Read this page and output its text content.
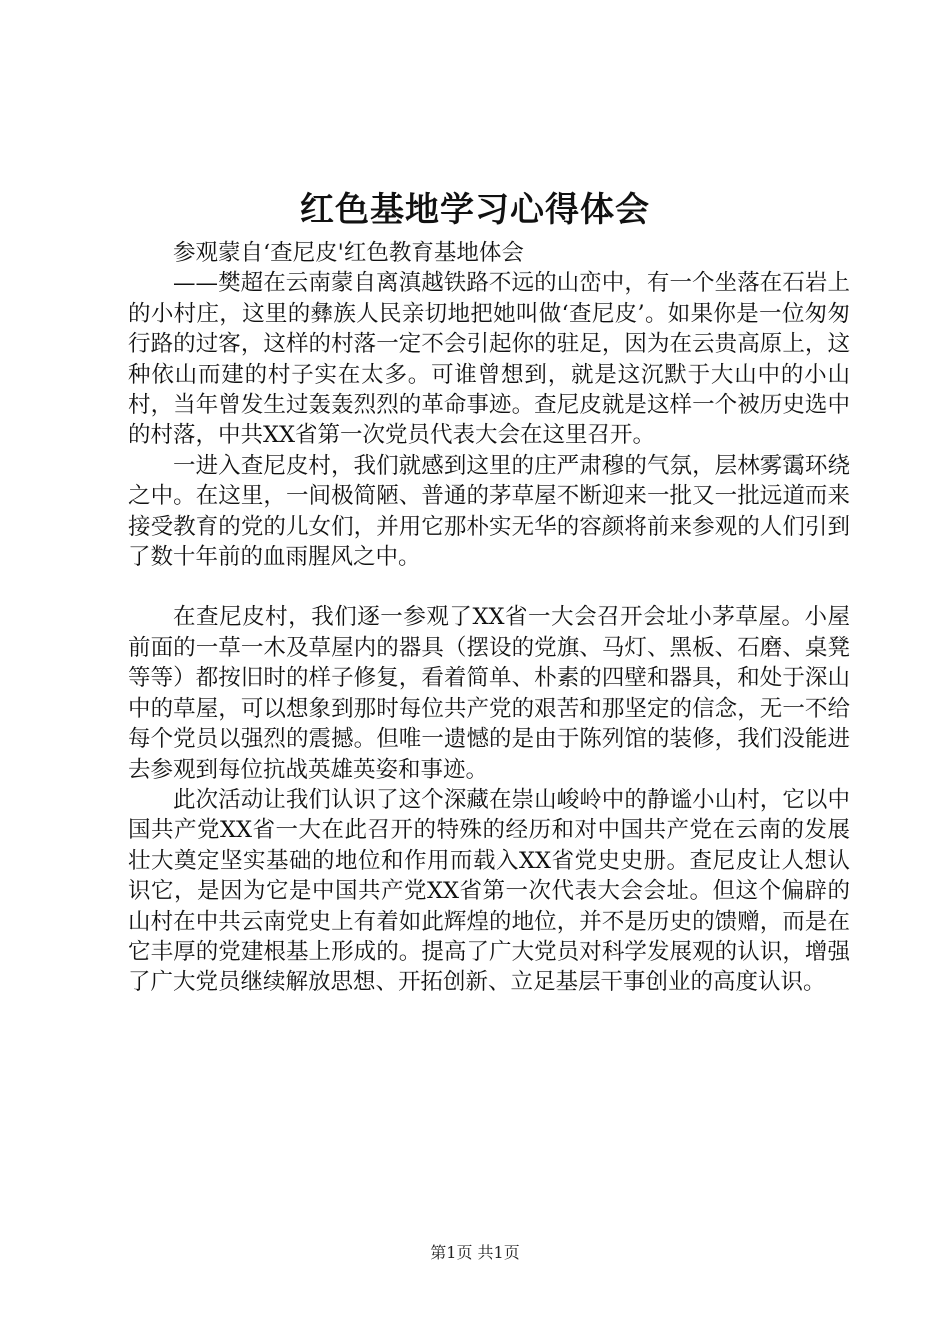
红色基地学习心得体会

参观蒙自‘查尼皮'红色教育基地体会

——樊超在云南蒙自离滇越铁路不远的山峦中，有一个坐落在石岩上的小村庄，这里的彝族人民亲切地把她叫做‘查尼皮’。如果你是一位匆匆行路的过客，这样的村落一定不会引起你的驻足，因为在云贵高原上，这种依山而建的村子实在太多。可谁曾想到，就是这沉默于大山中的小山村，当年曾发生过轰轰烈烈的革命事迹。查尼皮就是这样一个被历史选中的村落，中共XX省第一次党员代表大会在这里召开。

一进入查尼皮村，我们就感到这里的庄严肃穆的气氛，层林雾霭环绕之中。在这里，一间极简陋、普通的茅草屋不断迎来一批又一批远道而来接受教育的党的儿女们，并用它那朴实无华的容颜将前来参观的人们引到了数十年前的血雨腥风之中。

在查尼皮村，我们逐一参观了XX省一大会召开会址小茅草屋。小屋前面的一草一木及草屋内的器具（摆设的党旗、马灯、黑板、石磨、桌凳等等）都按旧时的样子修复，看着简单、朴素的四壁和器具，和处于深山中的草屋，可以想象到那时每位共产党的艰苦和那坚定的信念，无一不给每个党员以强烈的震撼。但唯一遗憾的是由于陈列馆的装修，我们没能进去参观到每位抗战英雄英姿和事迹。

此次活动让我们认识了这个深藏在崇山峻岭中的静谧小山村，它以中国共产党XX省一大在此召开的特殊的经历和对中国共产党在云南的发展壮大奠定坚实基础的地位和作用而载入XX省党史史册。查尼皮让人想认识它，是因为它是中国共产党XX省第一次代表大会会址。但这个偏辟的山村在中共云南党史上有着如此辉煌的地位，并不是历史的馈赠，而是在它丰厚的党建根基上形成的。提高了广大党员对科学发展观的认识，增强了广大党员继续解放思想、开拓创新、立足基层干事创业的高度认识。

第1页 共1页
